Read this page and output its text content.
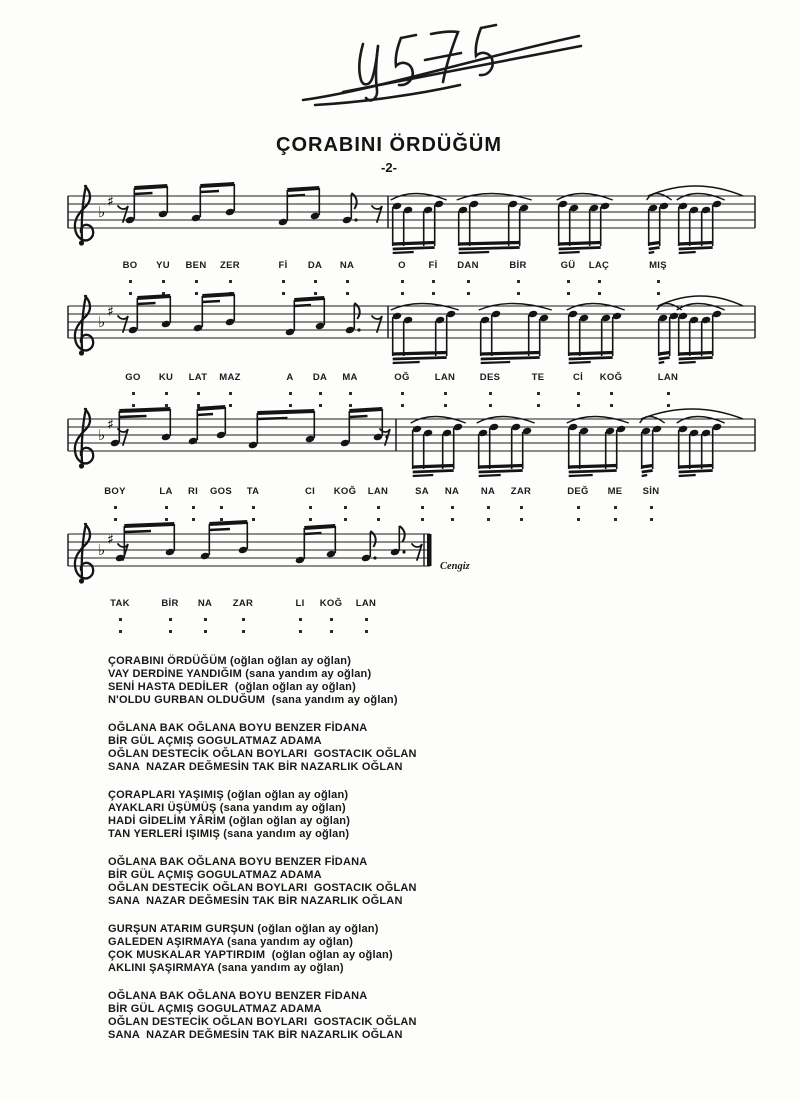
ÇORABINI ÖRDÜĞÜM
-2-
Cengiz

ÇORABINI ÖRDÜĞÜM (oğlan oğlan ay oğlan)

VAY DERDİNE YANDIĞIM (sana yandım ay oğlan)

SENİ HASTA DEDİLER  (oğlan oğlan ay oğlan)

N'OLDU GURBAN OLDUĞUM  (sana yandım ay oğlan)

OĞLANA BAK OĞLANA BOYU BENZER FİDANA

BİR GÜL AÇMIŞ GOGULATMAZ ADAMA

OĞLAN DESTECİK OĞLAN BOYLARI  GOSTACIK OĞLAN

SANA  NAZAR DEĞMESİN TAK BİR NAZARLIK OĞLAN

ÇORAPLARI YAŞIMIŞ (oğlan oğlan ay oğlan)

AYAKLARI ÜŞÜMÜŞ (sana yandım ay oğlan)

HADİ GİDELİM YÂRİM (oğlan oğlan ay oğlan)

TAN YERLERİ IŞIMIŞ (sana yandım ay oğlan)

OĞLANA BAK OĞLANA BOYU BENZER FİDANA

BİR GÜL AÇMIŞ GOGULATMAZ ADAMA

OĞLAN DESTECİK OĞLAN BOYLARI  GOSTACIK OĞLAN

SANA  NAZAR DEĞMESİN TAK BİR NAZARLIK OĞLAN

GURŞUN ATARIM GURŞUN (oğlan oğlan ay oğlan)

GALEDEN AŞIRMAYA (sana yandım ay oğlan)

ÇOK MUSKALAR YAPTIRDIM  (oğlan oğlan ay oğlan)

AKLINI ŞAŞIRMAYA (sana yandım ay oğlan)

OĞLANA BAK OĞLANA BOYU BENZER FİDANA

BİR GÜL AÇMIŞ GOGULATMAZ ADAMA

OĞLAN DESTECİK OĞLAN BOYLARI  GOSTACIK OĞLAN

SANA  NAZAR DEĞMESİN TAK BİR NAZARLIK OĞLAN

♭
♯
BO YU BEN ZER	Fİ DA NA	O Fİ DAN	BİR	GÜ LAÇ	MIŞ
♭
♯
GO KU LAT MAZ	A DA MA	OĞ	LAN	DES	TE	Cİ KOĞ	LAN
♭
♯
BOY	LA RI GOS TA	CI KOĞ LAN	SA NA NA ZAR	DEĞ ME SİN
♭
♯
TAK	BİR NA ZAR	LI KOĞ LAN
